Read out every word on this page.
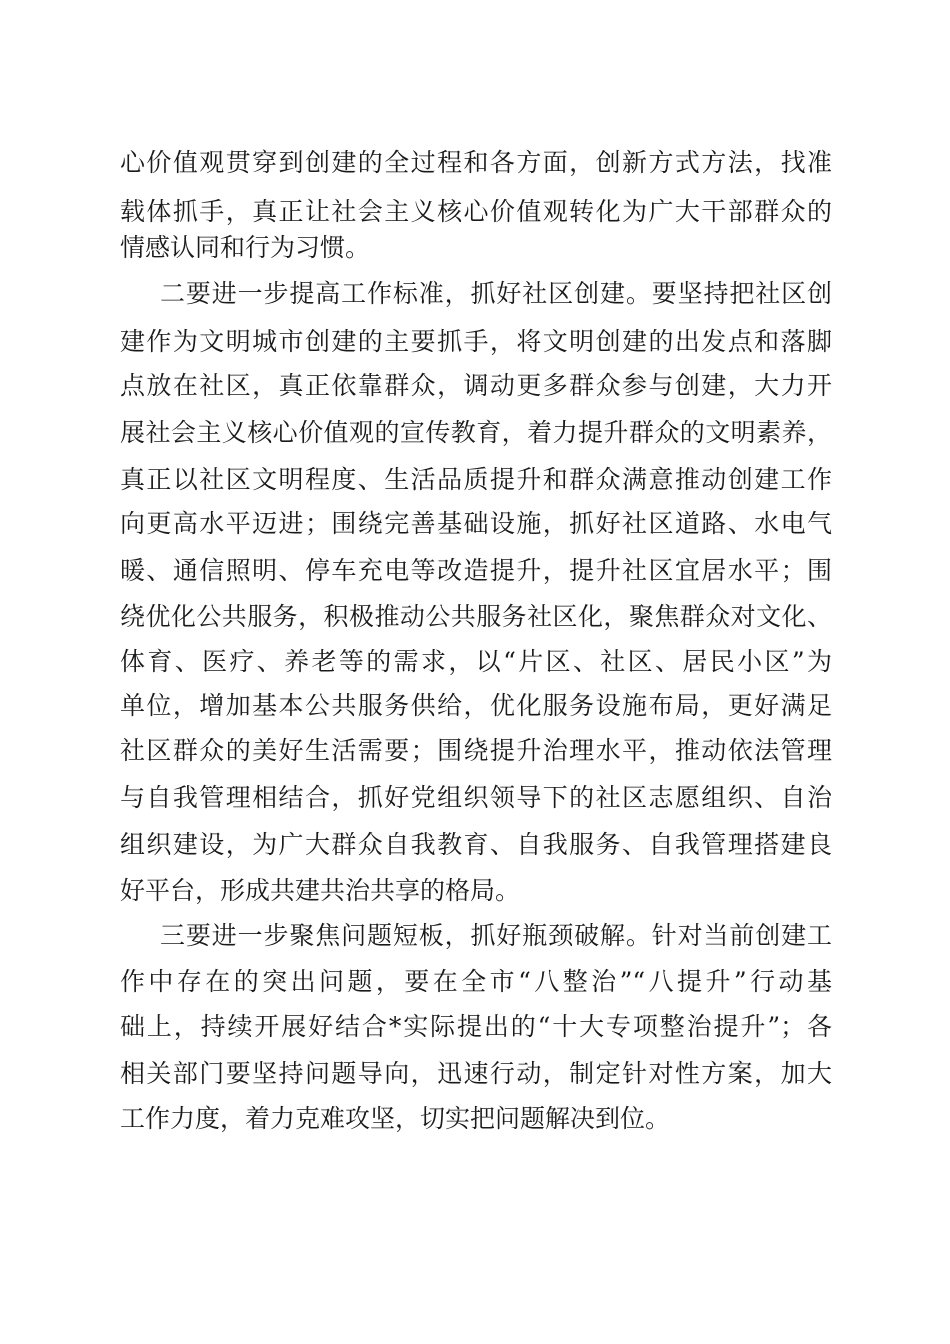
心价值观贯穿到创建的全过程和各方面，创新方式方法，找准
载体抓手，真正让社会主义核心价值观转化为广大干部群众的
情感认同和行为习惯。
二要进一步提高工作标准，抓好社区创建。要坚持把社区创
建作为文明城市创建的主要抓手，将文明创建的出发点和落脚
点放在社区，真正依靠群众，调动更多群众参与创建，大力开
展社会主义核心价值观的宣传教育，着力提升群众的文明素养，
真正以社区文明程度、生活品质提升和群众满意推动创建工作
向更高水平迈进；围绕完善基础设施，抓好社区道路、水电气
暖、通信照明、停车充电等改造提升，提升社区宜居水平；围
绕优化公共服务，积极推动公共服务社区化，聚焦群众对文化、
体育、医疗、养老等的需求，以“片区、社区、居民小区”为
单位，增加基本公共服务供给，优化服务设施布局，更好满足
社区群众的美好生活需要；围绕提升治理水平，推动依法管理
与自我管理相结合，抓好党组织领导下的社区志愿组织、自治
组织建设，为广大群众自我教育、自我服务、自我管理搭建良
好平台，形成共建共治共享的格局。
三要进一步聚焦问题短板，抓好瓶颈破解。针对当前创建工
作中存在的突出问题，要在全市“八整治”“八提升”行动基
础上，持续开展好结合*实际提出的“十大专项整治提升”；各
相关部门要坚持问题导向，迅速行动，制定针对性方案，加大
工作力度，着力克难攻坚，切实把问题解决到位。
